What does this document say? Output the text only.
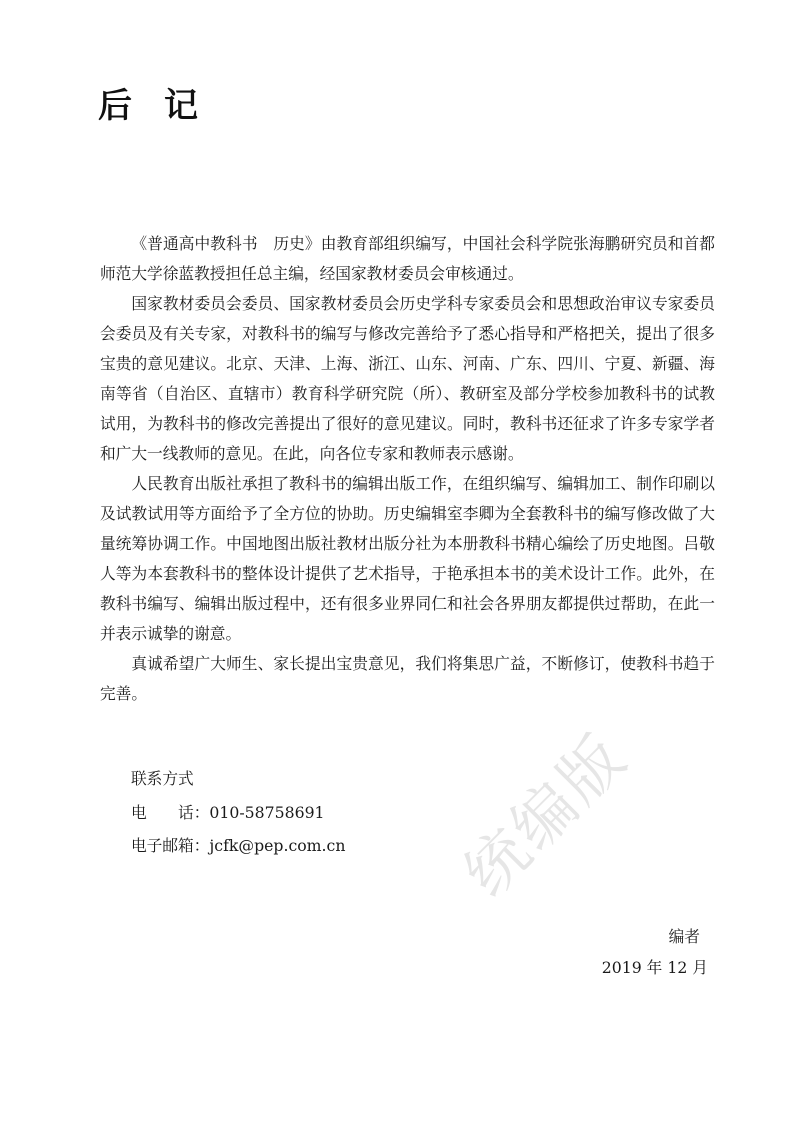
后记

《普通高中教科书　历史》由教育部组织编写，中国社会科学院张海鹏研究员和首都师范大学徐蓝教授担任总主编，经国家教材委员会审核通过。

国家教材委员会委员、国家教材委员会历史学科专家委员会和思想政治审议专家委员会委员及有关专家，对教科书的编写与修改完善给予了悉心指导和严格把关，提出了很多宝贵的意见建议。北京、天津、上海、浙江、山东、河南、广东、四川、宁夏、新疆、海南等省（自治区、直辖市）教育科学研究院（所）、教研室及部分学校参加教科书的试教试用，为教科书的修改完善提出了很好的意见建议。同时，教科书还征求了许多专家学者和广大一线教师的意见。在此，向各位专家和教师表示感谢。

人民教育出版社承担了教科书的编辑出版工作，在组织编写、编辑加工、制作印刷以及试教试用等方面给予了全方位的协助。历史编辑室李卿为全套教科书的编写修改做了大量统筹协调工作。中国地图出版社教材出版分社为本册教科书精心编绘了历史地图。吕敬人等为本套教科书的整体设计提供了艺术指导，于艳承担本书的美术设计工作。此外，在教科书编写、编辑出版过程中，还有很多业界同仁和社会各界朋友都提供过帮助，在此一并表示诚挚的谢意。

真诚希望广大师生、家长提出宝贵意见，我们将集思广益，不断修订，使教科书趋于完善。

联系方式
电　　话：010-58758691
电子邮箱：jcfk@pep.com.cn
编者
2019 年 12 月
统编版
